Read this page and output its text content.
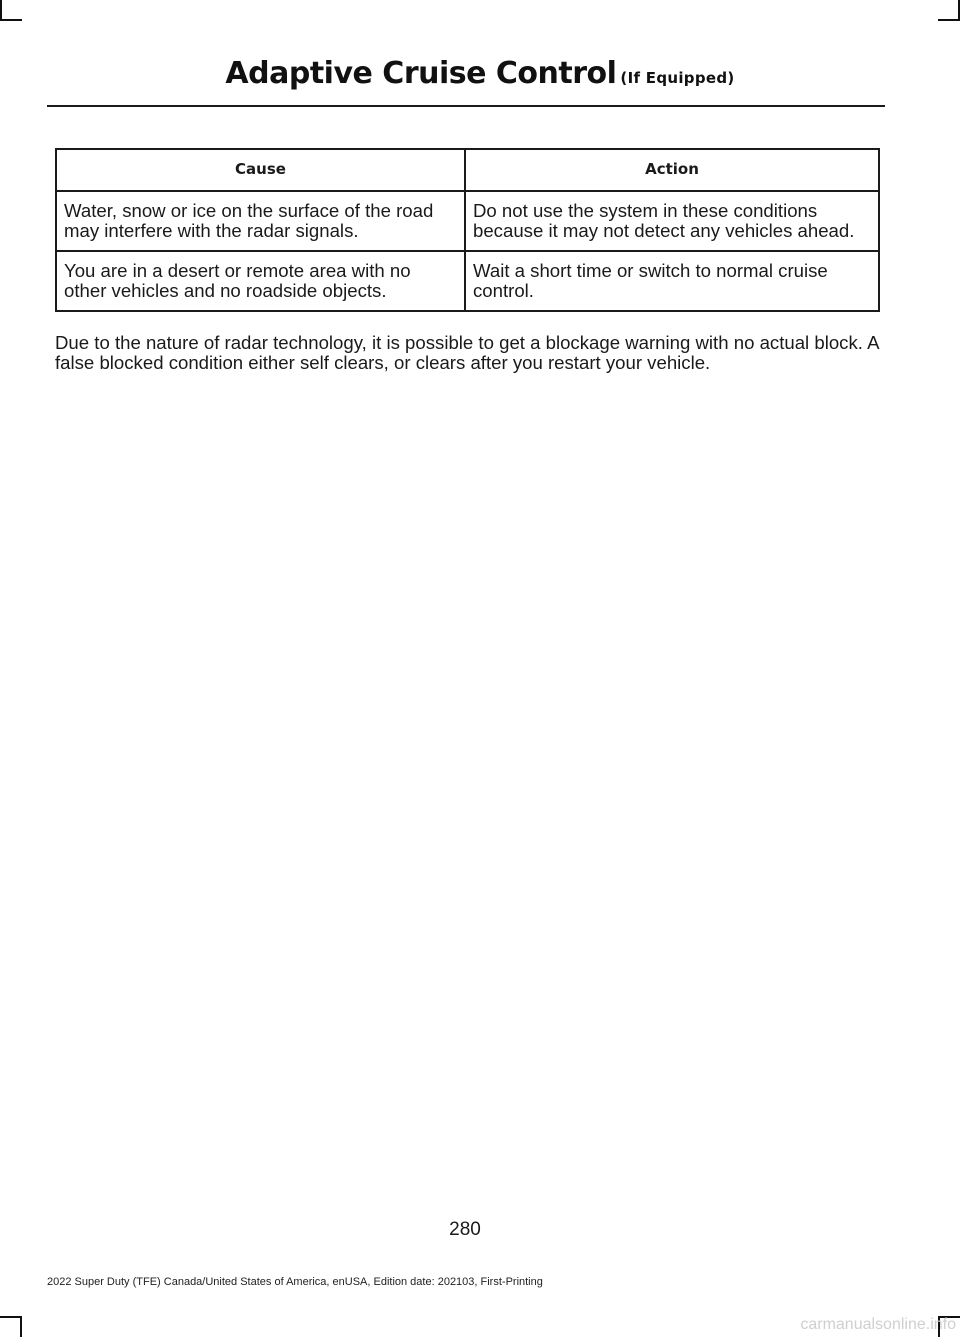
Adaptive Cruise Control (If Equipped)
Cause	Action
Water, snow or ice on the surface of the road may interfere with the radar signals.	Do not use the system in these conditions because it may not detect any vehicles ahead.
You are in a desert or remote area with no other vehicles and no roadside objects.	Wait a short time or switch to normal cruise control.

Due to the nature of radar technology, it is possible to get a blockage warning with no actual block. A false blocked condition either self clears, or clears after you restart your vehicle.

280
2022 Super Duty (TFE) Canada/United States of America, enUSA, Edition date: 202103, First-Printing
carmanualsonline.info
